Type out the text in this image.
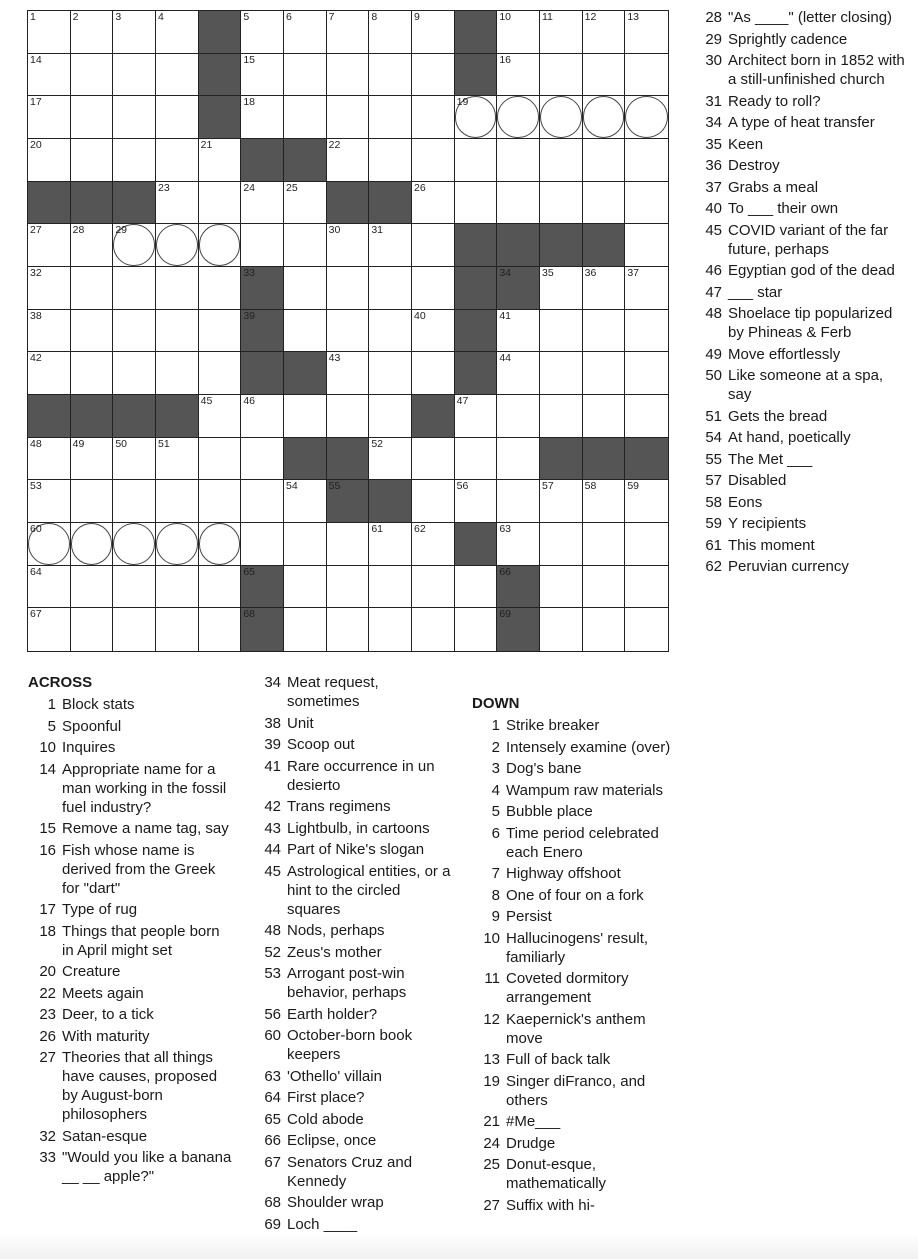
1	2	3	4	5	6	7	8	9	10	11	12	13
14	15	16
17	18	19
20	21	22
23	24	25	26
27	28	29	30	31
32	33	34	35	36	37
38	39	40	41
42	43	44
45	46	47
48	49	50	51	52
53	54	55	56	57	58	59
60	61	62	63
64	65	66
67	68	69
28 "As ____" (letter closing)
29 Sprightly cadence
30 Architect born in 1852 with a still-unfinished church
31 Ready to roll?
34 A type of heat transfer
35 Keen
36 Destroy
37 Grabs a meal
40 To ___ their own
45 COVID variant of the far future, perhaps
46 Egyptian god of the dead
47 ___ star
48 Shoelace tip popularized by Phineas & Ferb
49 Move effortlessly
50 Like someone at a spa, say
51 Gets the bread
54 At hand, poetically
55 The Met ___
57 Disabled
58 Eons
59 Y recipients
61 This moment
62 Peruvian currency
ACROSS
1 Block stats
5 Spoonful
10 Inquires
14 Appropriate name for a man working in the fossil fuel industry?
15 Remove a name tag, say
16 Fish whose name is derived from the Greek for "dart"
17 Type of rug
18 Things that people born in April might set
20 Creature
22 Meets again
23 Deer, to a tick
26 With maturity
27 Theories that all things have causes, proposed by August-born philosophers
32 Satan-esque
33 "Would you like a banana __ __ apple?"
34 Meat request, sometimes
38 Unit
39 Scoop out
41 Rare occurrence in un desierto
42 Trans regimens
43 Lightbulb, in cartoons
44 Part of Nike's slogan
45 Astrological entities, or a hint to the circled squares
48 Nods, perhaps
52 Zeus's mother
53 Arrogant post-win behavior, perhaps
56 Earth holder?
60 October-born book keepers
63 'Othello' villain
64 First place?
65 Cold abode
66 Eclipse, once
67 Senators Cruz and Kennedy
68 Shoulder wrap
69 Loch ____
DOWN
1 Strike breaker
2 Intensely examine (over)
3 Dog's bane
4 Wampum raw materials
5 Bubble place
6 Time period celebrated each Enero
7 Highway offshoot
8 One of four on a fork
9 Persist
10 Hallucinogens' result, familiarly
11 Coveted dormitory arrangement
12 Kaepernick's anthem move
13 Full of back talk
19 Singer diFranco, and others
21 #Me___
24 Drudge
25 Donut-esque, mathematically
27 Suffix with hi-
